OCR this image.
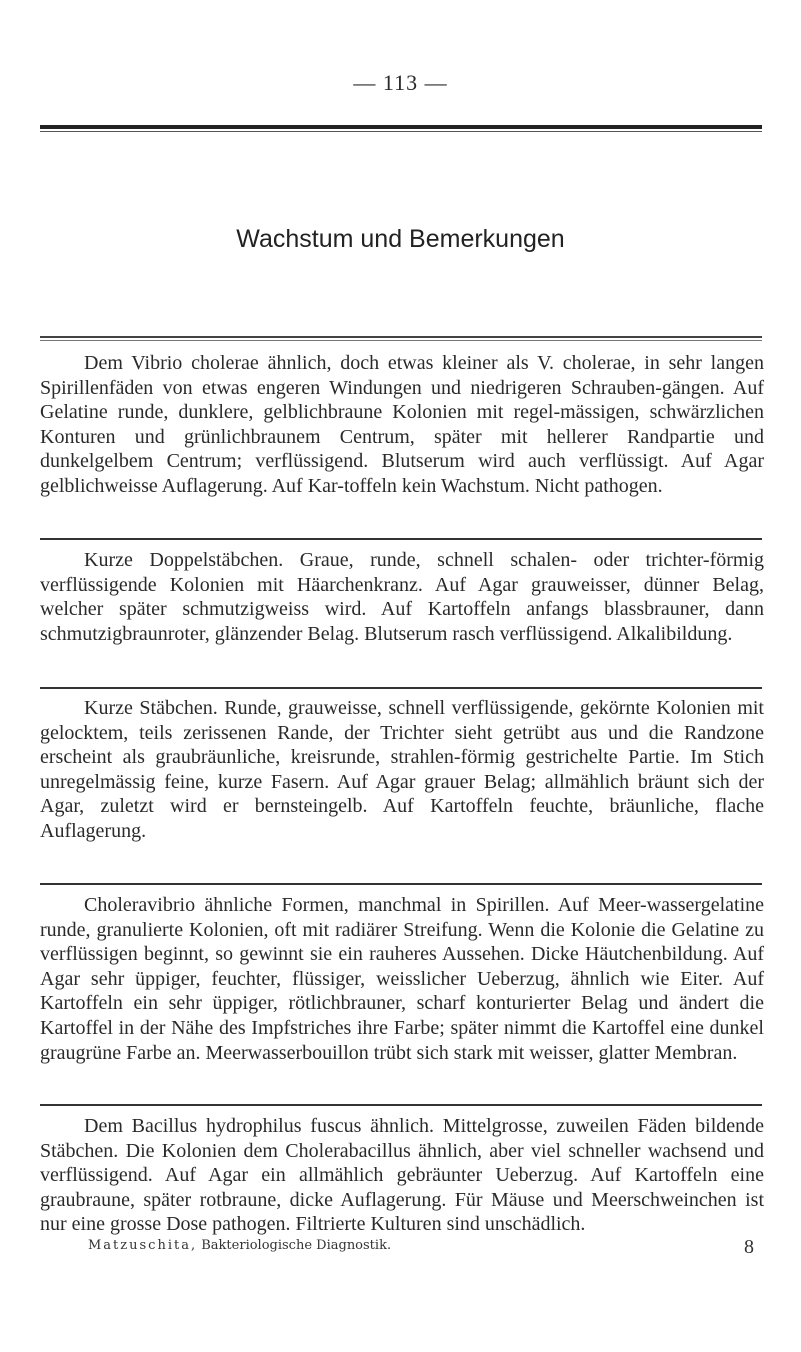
— 113 —
Wachstum und Bemerkungen

Dem Vibrio cholerae ähnlich, doch etwas kleiner als V. cholerae, in sehr langen Spirillenfäden von etwas engeren Windungen und niedrigeren Schrauben-gängen. Auf Gelatine runde, dunklere, gelblichbraune Kolonien mit regel-mässigen, schwärzlichen Konturen und grünlichbraunem Centrum, später mit hellerer Randpartie und dunkelgelbem Centrum; verflüssigend. Blutserum wird auch verflüssigt. Auf Agar gelblichweisse Auflagerung. Auf Kar-toffeln kein Wachstum. Nicht pathogen.

Kurze Doppelstäbchen. Graue, runde, schnell schalen- oder trichter-förmig verflüssigende Kolonien mit Häarchenkranz. Auf Agar grauweisser, dünner Belag, welcher später schmutzigweiss wird. Auf Kartoffeln anfangs blassbrauner, dann schmutzigbraunroter, glänzender Belag. Blutserum rasch verflüssigend. Alkalibildung.

Kurze Stäbchen. Runde, grauweisse, schnell verflüssigende, gekörnte Kolonien mit gelocktem, teils zerissenen Rande, der Trichter sieht getrübt aus und die Randzone erscheint als graubräunliche, kreisrunde, strahlen-förmig gestrichelte Partie. Im Stich unregelmässig feine, kurze Fasern. Auf Agar grauer Belag; allmählich bräunt sich der Agar, zuletzt wird er bernsteingelb. Auf Kartoffeln feuchte, bräunliche, flache Auflagerung.

Choleravibrio ähnliche Formen, manchmal in Spirillen. Auf Meer-wassergelatine runde, granulierte Kolonien, oft mit radiärer Streifung. Wenn die Kolonie die Gelatine zu verflüssigen beginnt, so gewinnt sie ein rauheres Aussehen. Dicke Häutchenbildung. Auf Agar sehr üppiger, feuchter, flüssiger, weisslicher Ueberzug, ähnlich wie Eiter. Auf Kartoffeln ein sehr üppiger, rötlichbrauner, scharf konturierter Belag und ändert die Kartoffel in der Nähe des Impfstriches ihre Farbe; später nimmt die Kartoffel eine dunkel graugrüne Farbe an. Meerwasserbouillon trübt sich stark mit weisser, glatter Membran.

Dem Bacillus hydrophilus fuscus ähnlich. Mittelgrosse, zuweilen Fäden bildende Stäbchen. Die Kolonien dem Cholerabacillus ähnlich, aber viel schneller wachsend und verflüssigend. Auf Agar ein allmählich gebräunter Ueberzug. Auf Kartoffeln eine graubraune, später rotbraune, dicke Auflagerung. Für Mäuse und Meerschweinchen ist nur eine grosse Dose pathogen. Filtrierte Kulturen sind unschädlich.

Matzuschita, Bakteriologische Diagnostik.	8
